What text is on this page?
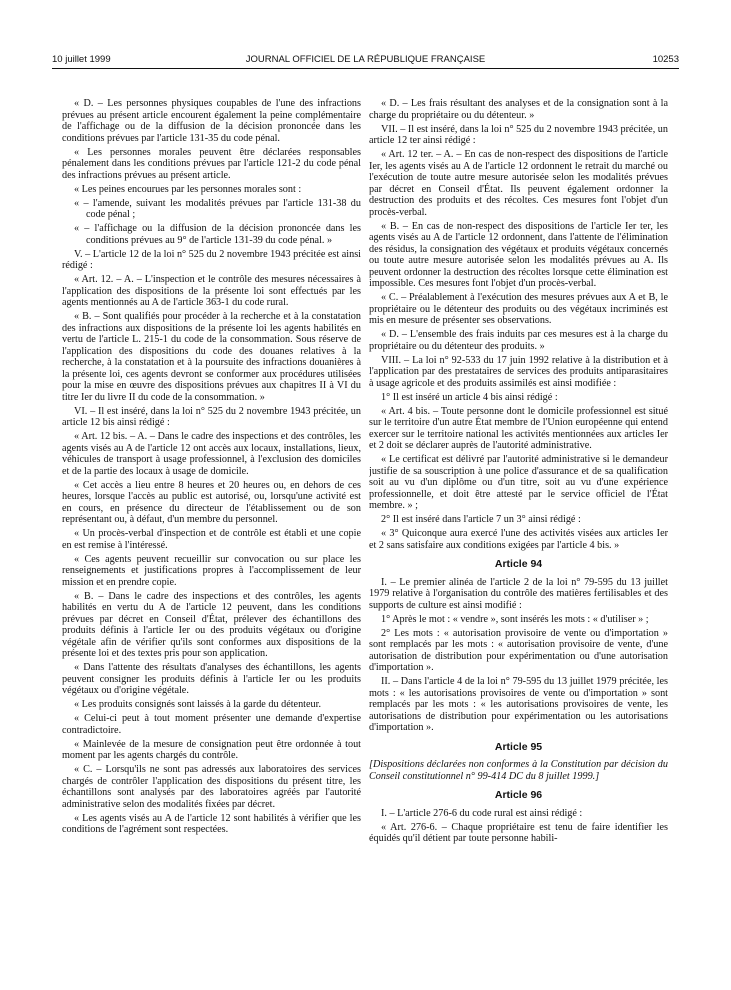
10 juillet 1999	JOURNAL OFFICIEL DE LA RÉPUBLIQUE FRANÇAISE	10253

« D. – Les personnes physiques coupables de l'une des infractions prévues au présent article encourent également la peine complémentaire de l'affichage ou de la diffusion de la décision prononcée dans les conditions prévues par l'article 131-35 du code pénal.

« Les personnes morales peuvent être déclarées responsables pénalement dans les conditions prévues par l'article 121-2 du code pénal des infractions prévues au présent article.

« Les peines encourues par les personnes morales sont :

« – l'amende, suivant les modalités prévues par l'article 131-38 du code pénal ;

« – l'affichage ou la diffusion de la décision prononcée dans les conditions prévues au 9° de l'article 131-39 du code pénal. »

V. – L'article 12 de la loi n° 525 du 2 novembre 1943 précitée est ainsi rédigé :

« Art. 12. – A. – L'inspection et le contrôle des mesures nécessaires à l'application des dispositions de la présente loi sont effectués par les agents mentionnés au A de l'article 363-1 du code rural.

« B. – Sont qualifiés pour procéder à la recherche et à la constatation des infractions aux dispositions de la présente loi les agents habilités en vertu de l'article L. 215-1 du code de la consommation. Sous réserve de l'application des dispositions du code des douanes relatives à la recherche, à la constatation et à la poursuite des infractions douanières à la présente loi, ces agents devront se conformer aux procédures utilisées pour la mise en œuvre des dispositions prévues aux chapitres II à VI du titre Ier du livre II du code de la consommation. »

VI. – Il est inséré, dans la loi n° 525 du 2 novembre 1943 précitée, un article 12 bis ainsi rédigé :

« Art. 12 bis. – A. – Dans le cadre des inspections et des contrôles, les agents visés au A de l'article 12 ont accès aux locaux, installations, lieux, véhicules de transport à usage professionnel, à l'exclusion des domiciles et de la partie des locaux à usage de domicile.

« Cet accès a lieu entre 8 heures et 20 heures ou, en dehors de ces heures, lorsque l'accès au public est autorisé, ou, lorsqu'une activité est en cours, en présence du directeur de l'établissement ou de son représentant ou, à défaut, d'un membre du personnel.

« Un procès-verbal d'inspection et de contrôle est établi et une copie en est remise à l'intéressé.

« Ces agents peuvent recueillir sur convocation ou sur place les renseignements et justifications propres à l'accomplissement de leur mission et en prendre copie.

« B. – Dans le cadre des inspections et des contrôles, les agents habilités en vertu du A de l'article 12 peuvent, dans les conditions prévues par décret en Conseil d'État, prélever des échantillons des produits définis à l'article Ier ou des produits végétaux ou d'origine végétale afin de vérifier qu'ils sont conformes aux dispositions de la présente loi et des textes pris pour son application.

« Dans l'attente des résultats d'analyses des échantillons, les agents peuvent consigner les produits définis à l'article Ier ou les produits végétaux ou d'origine végétale.

« Les produits consignés sont laissés à la garde du détenteur.

« Celui-ci peut à tout moment présenter une demande d'expertise contradictoire.

« Mainlevée de la mesure de consignation peut être ordonnée à tout moment par les agents chargés du contrôle.

« C. – Lorsqu'ils ne sont pas adressés aux laboratoires des services chargés de contrôler l'application des dispositions du présent titre, les échantillons sont analysés par des laboratoires agréés par l'autorité administrative selon des modalités fixées par décret.

« Les agents visés au A de l'article 12 sont habilités à vérifier que les conditions de l'agrément sont respectées.

« D. – Les frais résultant des analyses et de la consignation sont à la charge du propriétaire ou du détenteur. »

VII. – Il est inséré, dans la loi n° 525 du 2 novembre 1943 précitée, un article 12 ter ainsi rédigé :

« Art. 12 ter. – A. – En cas de non-respect des dispositions de l'article Ier, les agents visés au A de l'article 12 ordonnent le retrait du marché ou l'exécution de toute autre mesure autorisée selon les modalités prévues par décret en Conseil d'État. Ils peuvent également ordonner la destruction des produits et des récoltes. Ces mesures font l'objet d'un procès-verbal.

« B. – En cas de non-respect des dispositions de l'article Ier ter, les agents visés au A de l'article 12 ordonnent, dans l'attente de l'élimination des résidus, la consignation des végétaux et produits végétaux concernés ou toute autre mesure autorisée selon les modalités prévues au A. Ils peuvent ordonner la destruction des récoltes lorsque cette élimination est impossible. Ces mesures font l'objet d'un procès-verbal.

« C. – Préalablement à l'exécution des mesures prévues aux A et B, le propriétaire ou le détenteur des produits ou des végétaux incriminés est mis en mesure de présenter ses observations.

« D. – L'ensemble des frais induits par ces mesures est à la charge du propriétaire ou du détenteur des produits. »

VIII. – La loi n° 92-533 du 17 juin 1992 relative à la distribution et à l'application par des prestataires de services des produits antiparasitaires à usage agricole et des produits assimilés est ainsi modifiée :

1° Il est inséré un article 4 bis ainsi rédigé :

« Art. 4 bis. – Toute personne dont le domicile professionnel est situé sur le territoire d'un autre État membre de l'Union européenne qui entend exercer sur le territoire national les activités mentionnées aux articles Ier et 2 doit se déclarer auprès de l'autorité administrative.

« Le certificat est délivré par l'autorité administrative si le demandeur justifie de sa souscription à une police d'assurance et de sa qualification soit au vu d'un diplôme ou d'un titre, soit au vu d'une expérience professionnelle, et doit être attesté par le service officiel de l'État membre. » ;

2° Il est inséré dans l'article 7 un 3° ainsi rédigé :

« 3° Quiconque aura exercé l'une des activités visées aux articles Ier et 2 sans satisfaire aux conditions exigées par l'article 4 bis. »

Article 94

I. – Le premier alinéa de l'article 2 de la loi n° 79-595 du 13 juillet 1979 relative à l'organisation du contrôle des matières fertilisables et des supports de culture est ainsi modifié :

1° Après le mot : « vendre », sont insérés les mots : « d'utiliser » ;

2° Les mots : « autorisation provisoire de vente ou d'importation » sont remplacés par les mots : « autorisation provisoire de vente, d'une autorisation de distribution pour expérimentation ou d'une autorisation d'importation ».

II. – Dans l'article 4 de la loi n° 79-595 du 13 juillet 1979 précitée, les mots : « les autorisations provisoires de vente ou d'importation » sont remplacés par les mots : « les autorisations provisoires de vente, les autorisations de distribution pour expérimentation ou les autorisations d'importation ».

Article 95

[Dispositions déclarées non conformes à la Constitution par décision du Conseil constitutionnel n° 99-414 DC du 8 juillet 1999.]

Article 96

I. – L'article 276-6 du code rural est ainsi rédigé :

« Art. 276-6. – Chaque propriétaire est tenu de faire identifier les équidés qu'il détient par toute personne habili-
